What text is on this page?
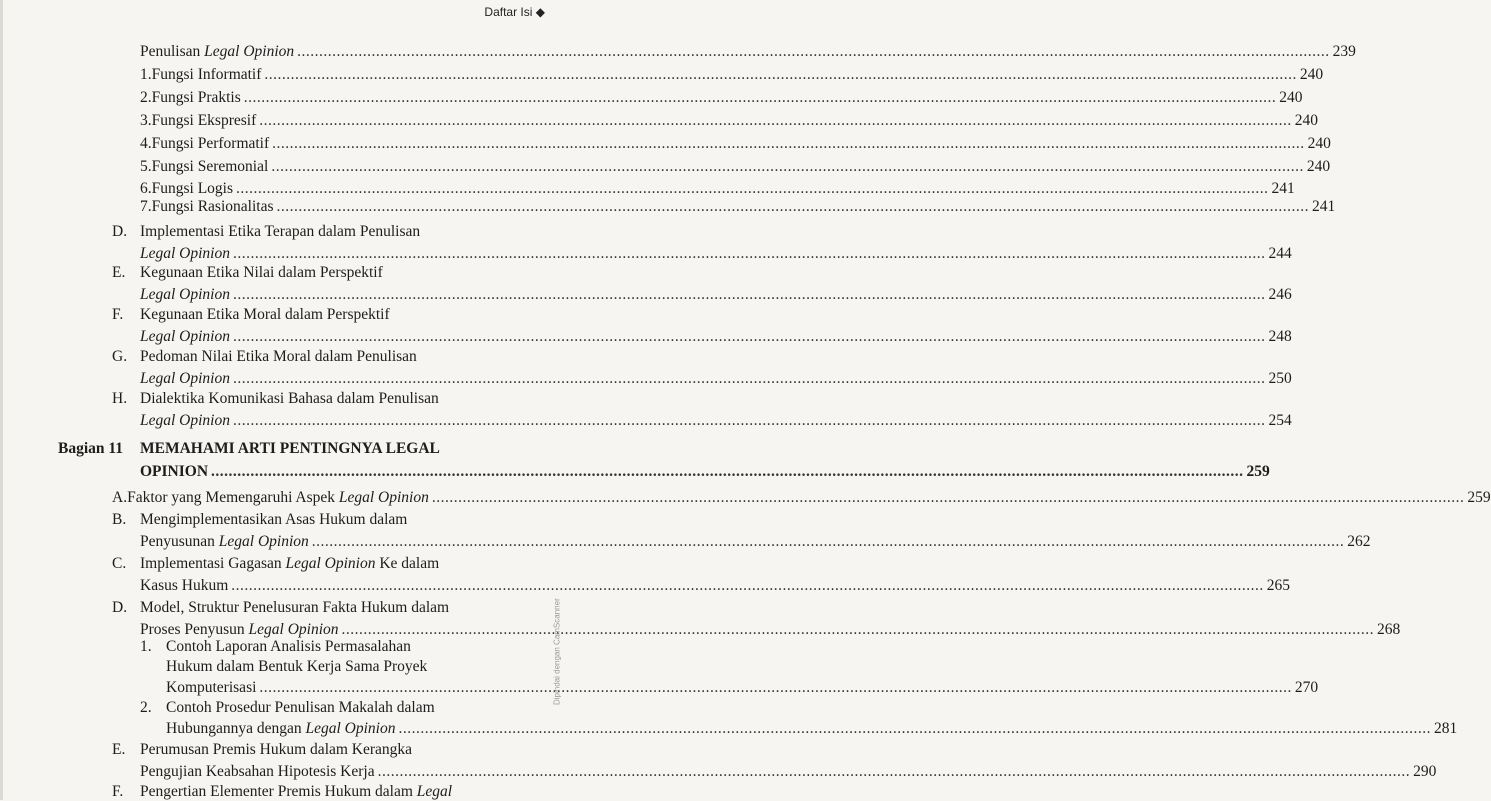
Daftar Isi ◆
Bagian 11
Penulisan Legal Opinion .....	239
1. Fungsi Informatif .....	240
2. Fungsi Praktis .....	240
3. Fungsi Ekspresif .....	240
4. Fungsi Performatif .....	240
5. Fungsi Seremonial .....	240
6. Fungsi Logis .....	241
7. Fungsi Rasionalitas .....	241
D. Implementasi Etika Terapan dalam Penulisan
Legal Opinion .....	244
E. Kegunaan Etika Nilai dalam Perspektif
Legal Opinion .....	246
F.	Kegunaan Etika Moral dalam Perspektif
Legal Opinion .....	248
G. Pedoman Nilai Etika Moral dalam Penulisan
Legal Opinion .....	250
H. Dialektika Komunikasi Bahasa dalam Penulisan
Legal Opinion .....	254
MEMAHAMI ARTI PENTINGNYA LEGAL
OPINION .....	259
A. Faktor yang Memengaruhi Aspek Legal Opinion .....	259
B. Mengimplementasikan Asas Hukum dalam
Penyusunan Legal Opinion .....	262
C. Implementasi Gagasan Legal Opinion Ke dalam
Kasus Hukum .....	265
D. Model, Struktur Penelusuran Fakta Hukum dalam
Proses Penyusun Legal Opinion .....	268
1. Contoh Laporan Analisis Permasalahan
Hukum dalam Bentuk Kerja Sama Proyek
Komputerisasi .....	270
2. Contoh Prosedur Penulisan Makalah dalam
Hubungannya dengan Legal Opinion .....	281
E. Perumusan Premis Hukum dalam Kerangka
Pengujian Keabsahan Hipotesis Kerja .....	290
F.	Pengertian Elementer Premis Hukum dalam Legal
Dipindai dengan CamScanner
